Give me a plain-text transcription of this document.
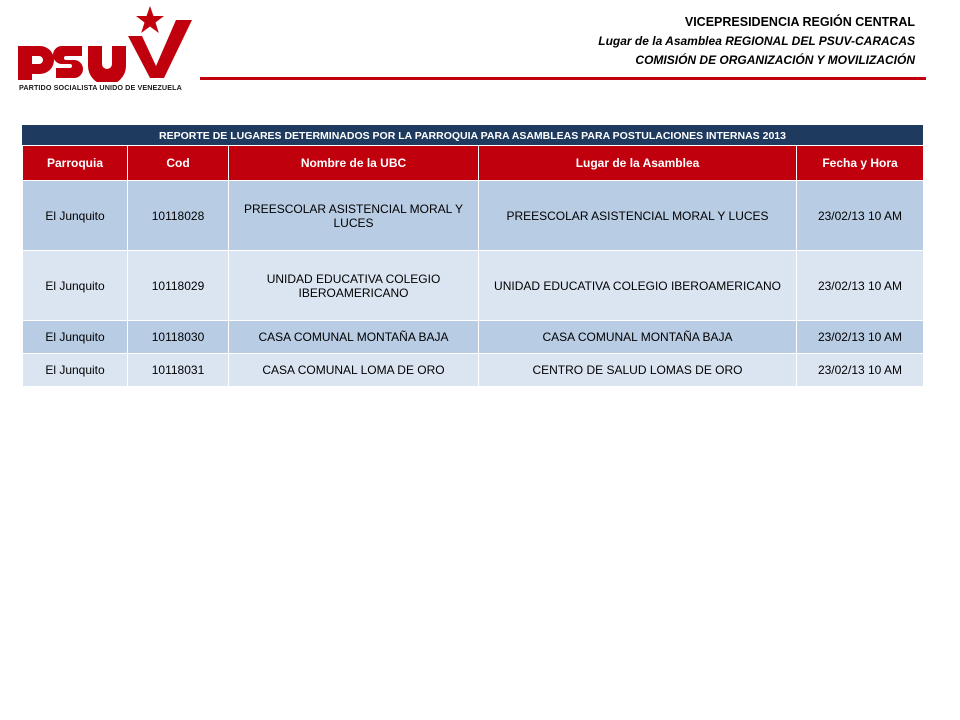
PARTIDO SOCIALISTA UNIDO DE VENEZUELA
VICEPRESIDENCIA REGIÓN CENTRAL
Lugar de la Asamblea REGIONAL DEL PSUV-CARACAS
COMISIÓN DE ORGANIZACIÓN Y MOVILIZACIÓN
REPORTE DE LUGARES DETERMINADOS POR LA PARROQUIA PARA ASAMBLEAS PARA POSTULACIONES INTERNAS 2013
Parroquia	Cod	Nombre de la UBC	Lugar de la Asamblea	Fecha y Hora
El Junquito	10118028	PREESCOLAR ASISTENCIAL MORAL Y LUCES	PREESCOLAR ASISTENCIAL MORAL Y LUCES	23/02/13 10 AM
El Junquito	10118029	UNIDAD EDUCATIVA COLEGIO IBEROAMERICANO	UNIDAD EDUCATIVA COLEGIO IBEROAMERICANO	23/02/13 10 AM
El Junquito	10118030	CASA COMUNAL MONTAÑA BAJA	CASA COMUNAL MONTAÑA BAJA	23/02/13 10 AM
El Junquito	10118031	CASA COMUNAL LOMA DE ORO	CENTRO DE SALUD LOMAS DE ORO	23/02/13 10 AM
